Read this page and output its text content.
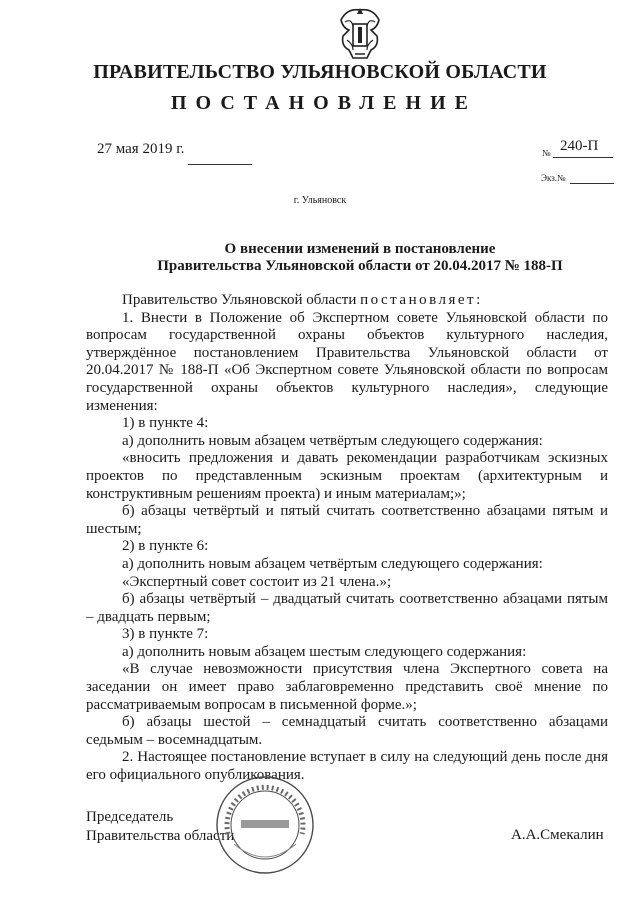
ПРАВИТЕЛЬСТВО УЛЬЯНОВСКОЙ ОБЛАСТИ
ПОСТАНОВЛЕНИЕ
27 мая 2019 г.	№ 240-П
Экз.№
г. Ульяновск
О внесении изменений в постановление
Правительства Ульяновской области от 20.04.2017 № 188-П

Правительство Ульяновской области постановляет:

1. Внести в Положение об Экспертном совете Ульяновской области по вопросам государственной охраны объектов культурного наследия, утверждённое постановлением Правительства Ульяновской области от 20.04.2017 № 188-П «Об Экспертном совете Ульяновской области по вопросам государственной охраны объектов культурного наследия», следующие изменения:

1) в пункте 4:

а) дополнить новым абзацем четвёртым следующего содержания:

«вносить предложения и давать рекомендации разработчикам эскизных проектов по представленным эскизным проектам (архитектурным и конструктивным решениям проекта) и иным материалам;»;

б) абзацы четвёртый и пятый считать соответственно абзацами пятым и шестым;

2) в пункте 6:

а) дополнить новым абзацем четвёртым следующего содержания:

«Экспертный совет состоит из 21 члена.»;

б) абзацы четвёртый – двадцатый считать соответственно абзацами пятым – двадцать первым;

3) в пункте 7:

а) дополнить новым абзацем шестым следующего содержания:

«В случае невозможности присутствия члена Экспертного совета на заседании он имеет право заблаговременно представить своё мнение по рассматриваемым вопросам в письменной форме.»;

б) абзацы шестой – семнадцатый считать соответственно абзацами седьмым – восемнадцатым.

2. Настоящее постановление вступает в силу на следующий день после дня его официального опубликования.

Председатель
Правительства области	А.А.Смекалин
